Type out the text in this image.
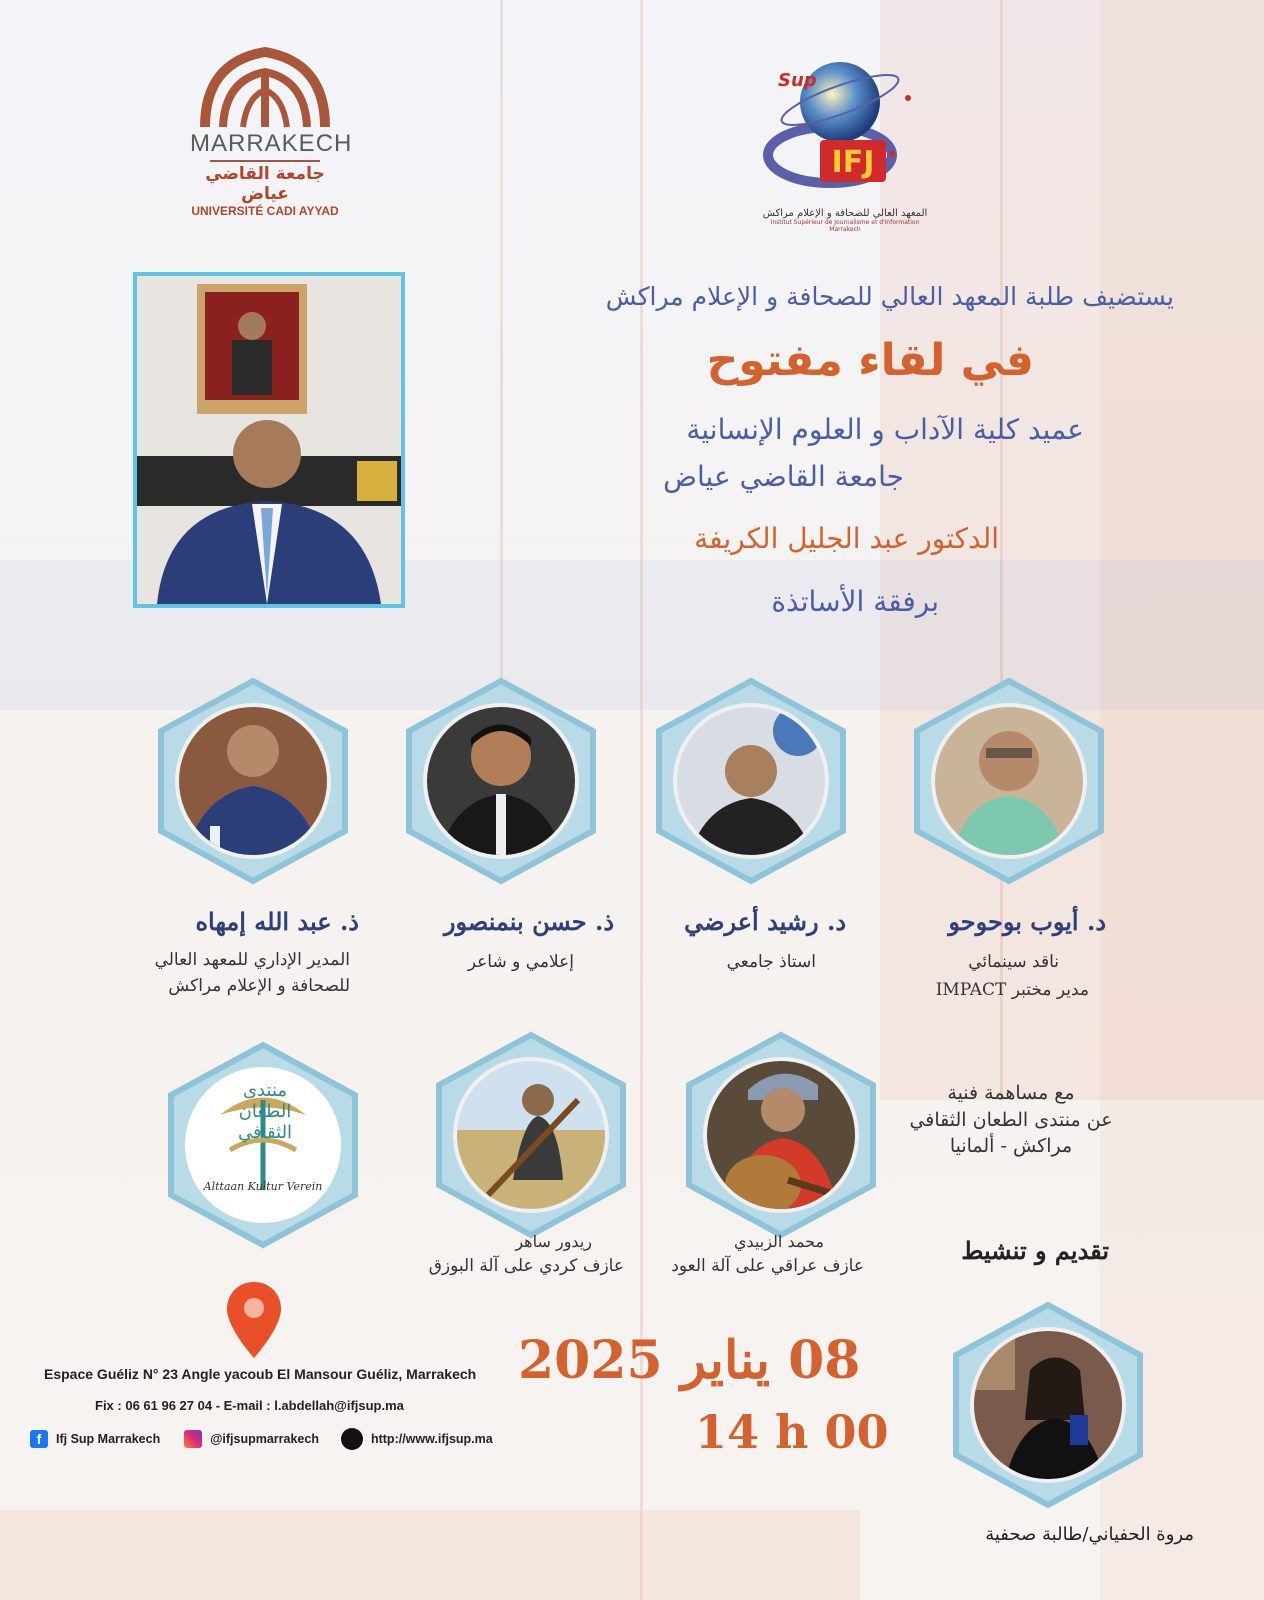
MARRAKECH
جامعة القاضي عياض
UNIVERSITÉ CADI AYYAD
IFJ
Sup
المعهد العالي للصحافة و الإعلام مراكش
Institut Supérieur de Journalisme et d'Information Marrakech
يستضيف طلبة المعهد العالي للصحافة و الإعلام مراكش
في لقاء مفتوح
عميد كلية الآداب و العلوم الإنسانية
جامعة القاضي عياض
الدكتور عبد الجليل الكريفة
برفقة الأساتذة
د. أيوب بوحوحو
ناقد سينمائي
مدير مختبر IMPACT
د. رشيد أعرضي
استاذ جامعي
ذ. حسن بنمنصور
إعلامي و شاعر
ذ. عبد الله إمهاه
المدير الإداري للمعهد العالي
للصحافة و الإعلام مراكش
منتدى الطعان الثقافي
Alttaan Kultur Verein
ريدور ساهر
عازف كردي على آلة البوزق
محمد الزبيدي
عازف عراقي على آلة العود
مع مساهمة فنية
عن منتدى الطعان الثقافي
مراكش - ألمانيا
تقديم و تنشيط
مروة الحفياني/طالبة صحفية
Espace Guéliz N° 23 Angle yacoub El Mansour Guéliz, Marrakech
Fix : 06 61 96 27 04 - E-mail : l.abdellah@ifjsup.ma
f	Ifj Sup Marrakech	@ifjsupmarrakech	http://www.ifjsup.ma
08 يناير 2025
14 h 00
